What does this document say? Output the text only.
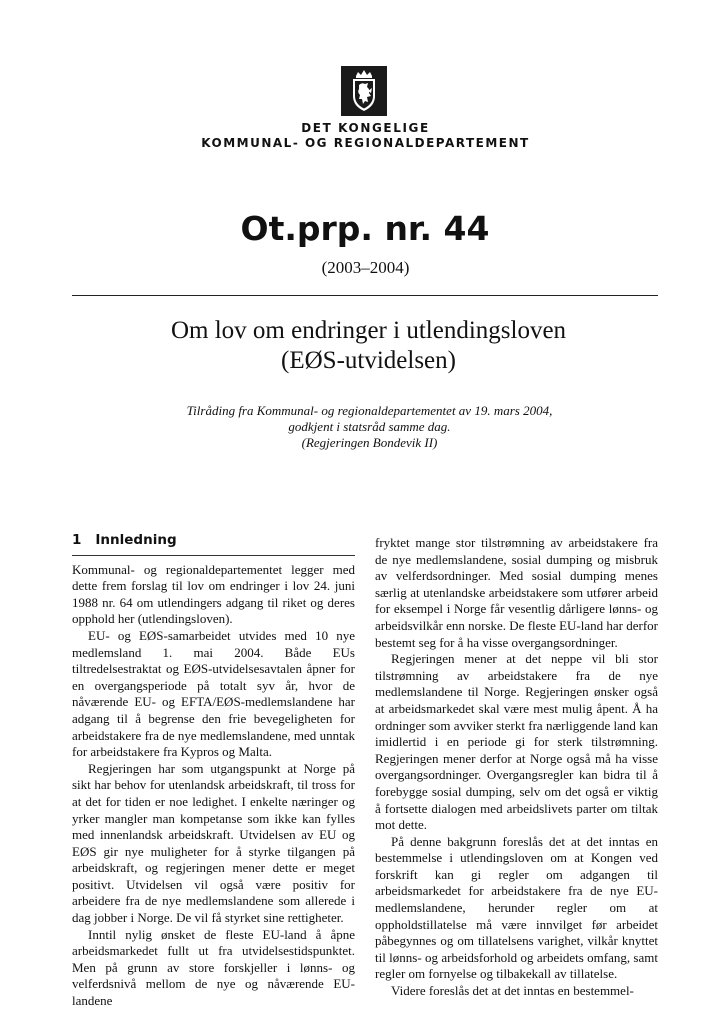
DET KONGELIGE
KOMMUNAL- OG REGIONALDEPARTEMENT
Ot.prp. nr. 44
(2003–2004)
Om lov om endringer i utlendingsloven
(EØS-utvidelsen)
Tilråding fra Kommunal- og regionaldepartementet av 19. mars 2004,
godkjent i statsråd samme dag.
(Regjeringen Bondevik II)
1 Innledning

Kommunal- og regionaldepartementet legger med dette frem forslag til lov om endringer i lov 24. juni 1988 nr. 64 om utlendingers adgang til riket og deres opphold her (utlendingsloven).

EU- og EØS-samarbeidet utvides med 10 nye medlemsland 1. mai 2004. Både EUs tiltredelsestraktat og EØS-utvidelsesavtalen åpner for en overgangsperiode på totalt syv år, hvor de nåværende EU- og EFTA/EØS-medlemslandene har adgang til å begrense den frie bevegeligheten for arbeidstakere fra de nye medlemslandene, med unntak for arbeidstakere fra Kypros og Malta.

Regjeringen har som utgangspunkt at Norge på sikt har behov for utenlandsk arbeidskraft, til tross for at det for tiden er noe ledighet. I enkelte næringer og yrker mangler man kompetanse som ikke kan fylles med innenlandsk arbeidskraft. Utvidelsen av EU og EØS gir nye muligheter for å styrke tilgangen på arbeidskraft, og regjeringen mener dette er meget positivt. Utvidelsen vil også være positiv for arbeidere fra de nye medlemslandene som allerede i dag jobber i Norge. De vil få styrket sine rettigheter.

Inntil nylig ønsket de fleste EU-land å åpne arbeidsmarkedet fullt ut fra utvidelsestidspunktet. Men på grunn av store forskjeller i lønns- og velferdsnivå mellom de nye og nåværende EU-landene

fryktet mange stor tilstrømning av arbeidstakere fra de nye medlemslandene, sosial dumping og misbruk av velferdsordninger. Med sosial dumping menes særlig at utenlandske arbeidstakere som utfører arbeid for eksempel i Norge får vesentlig dårligere lønns- og arbeidsvilkår enn norske. De fleste EU-land har derfor bestemt seg for å ha visse overgangsordninger.

Regjeringen mener at det neppe vil bli stor tilstrømning av arbeidstakere fra de nye medlemslandene til Norge. Regjeringen ønsker også at arbeidsmarkedet skal være mest mulig åpent. Å ha ordninger som avviker sterkt fra nærliggende land kan imidlertid i en periode gi for sterk tilstrømning. Regjeringen mener derfor at Norge også må ha visse overgangsordninger. Overgangsregler kan bidra til å forebygge sosial dumping, selv om det også er viktig å fortsette dialogen med arbeidslivets parter om tiltak mot dette.

På denne bakgrunn foreslås det at det inntas en bestemmelse i utlendingsloven om at Kongen ved forskrift kan gi regler om adgangen til arbeidsmarkedet for arbeidstakere fra de nye EU-medlemslandene, herunder regler om at oppholdstillatelse må være innvilget før arbeidet påbegynnes og om tillatelsens varighet, vilkår knyttet til lønns- og arbeidsforhold og arbeidets omfang, samt regler om fornyelse og tilbakekall av tillatelse.

Videre foreslås det at det inntas en bestemmel-
